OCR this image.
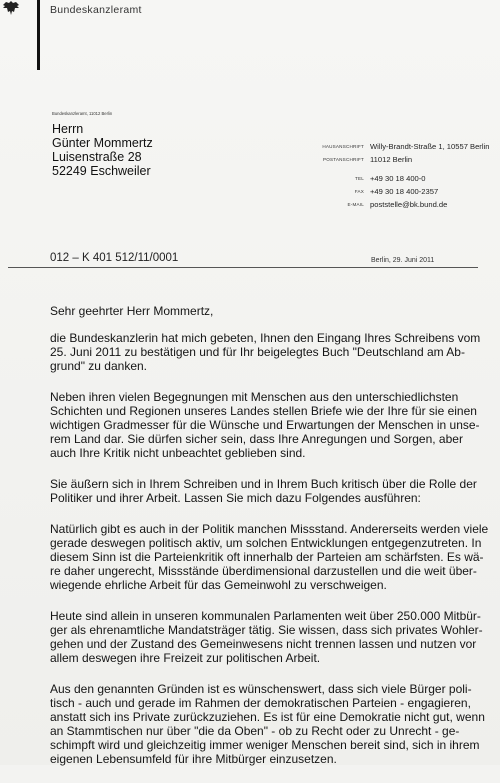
Bundeskanzleramt
Bundeskanzleramt, 11012 Berlin
Herrn
Günter Mommertz
Luisenstraße 28
52249 Eschweiler
HAUSANSCHRIFT Willy-Brandt-Straße 1, 10557 Berlin
POSTANSCHRIFT 11012 Berlin
TEL +49 30 18 400-0
FAX +49 30 18 400-2357
E-MAIL poststelle@bk.bund.de
012 – K 401 512/11/0001	Berlin, 29. Juni 2011
Sehr geehrter Herr Mommertz,
die Bundeskanzlerin hat mich gebeten, Ihnen den Eingang Ihres Schreibens vom
25. Juni 2011 zu bestätigen und für Ihr beigelegtes Buch "Deutschland am Ab-
grund" zu danken.
Neben ihren vielen Begegnungen mit Menschen aus den unterschiedlichsten
Schichten und Regionen unseres Landes stellen Briefe wie der Ihre für sie einen
wichtigen Gradmesser für die Wünsche und Erwartungen der Menschen in unse-
rem Land dar. Sie dürfen sicher sein, dass Ihre Anregungen und Sorgen, aber
auch Ihre Kritik nicht unbeachtet geblieben sind.
Sie äußern sich in Ihrem Schreiben und in Ihrem Buch kritisch über die Rolle der
Politiker und ihrer Arbeit. Lassen Sie mich dazu Folgendes ausführen:
Natürlich gibt es auch in der Politik manchen Missstand. Andererseits werden viele
gerade deswegen politisch aktiv, um solchen Entwicklungen entgegenzutreten. In
diesem Sinn ist die Parteienkritik oft innerhalb der Parteien am schärfsten. Es wä-
re daher ungerecht, Missstände überdimensional darzustellen und die weit über-
wiegende ehrliche Arbeit für das Gemeinwohl zu verschweigen.
Heute sind allein in unseren kommunalen Parlamenten weit über 250.000 Mitbür-
ger als ehrenamtliche Mandatsträger tätig. Sie wissen, dass sich privates Wohler-
gehen und der Zustand des Gemeinwesens nicht trennen lassen und nutzen vor
allem deswegen ihre Freizeit zur politischen Arbeit.
Aus den genannten Gründen ist es wünschenswert, dass sich viele Bürger poli-
tisch - auch und gerade im Rahmen der demokratischen Parteien - engagieren,
anstatt sich ins Private zurückzuziehen. Es ist für eine Demokratie nicht gut, wenn
an Stammtischen nur über "die da Oben" - ob zu Recht oder zu Unrecht - ge-
schimpft wird und gleichzeitig immer weniger Menschen bereit sind, sich in ihrem
eigenen Lebensumfeld für ihre Mitbürger einzusetzen.
